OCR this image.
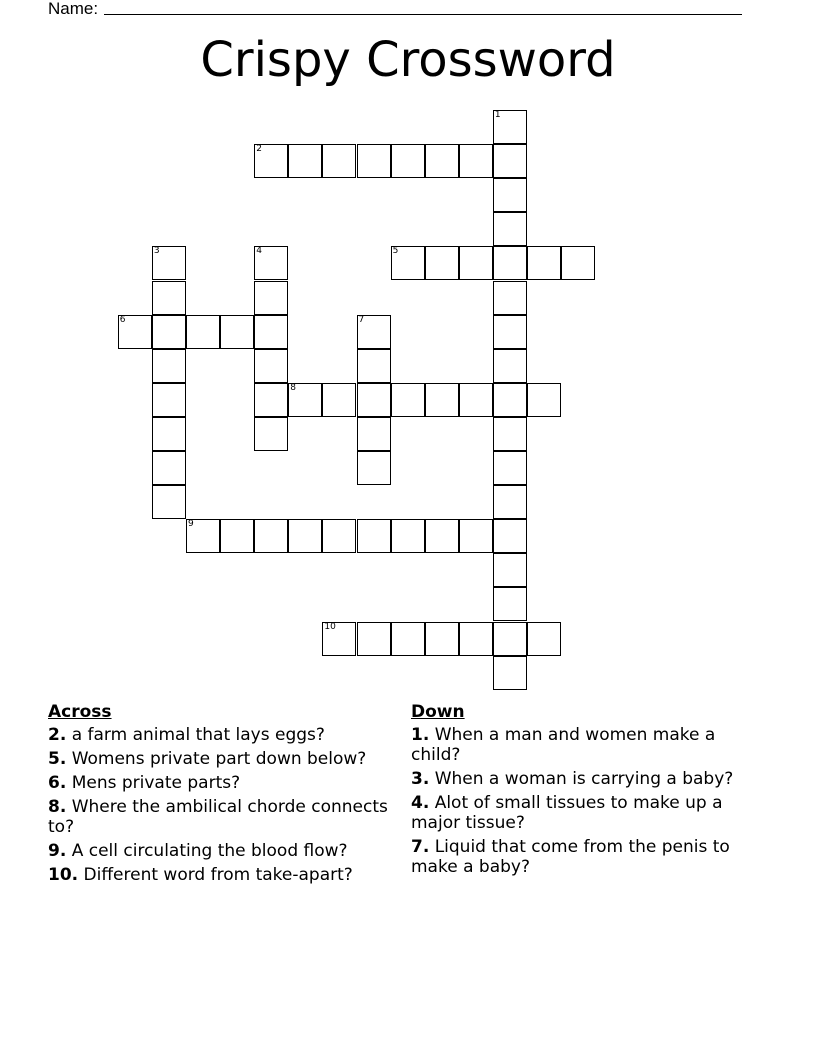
Name:
Crispy Crossword
2
5
6
8
9
10
1
3	4
7
Across
2. a farm animal that lays eggs?
5. Womens private part down below?
6. Mens private parts?
8. Where the ambilical chorde connects to?
9. A cell circulating the blood flow?
10. Different word from take-apart?
Down
1. When a man and women make a child?
3. When a woman is carrying a baby?
4. Alot of small tissues to make up a major tissue?
7. Liquid that come from the penis to make a baby?
